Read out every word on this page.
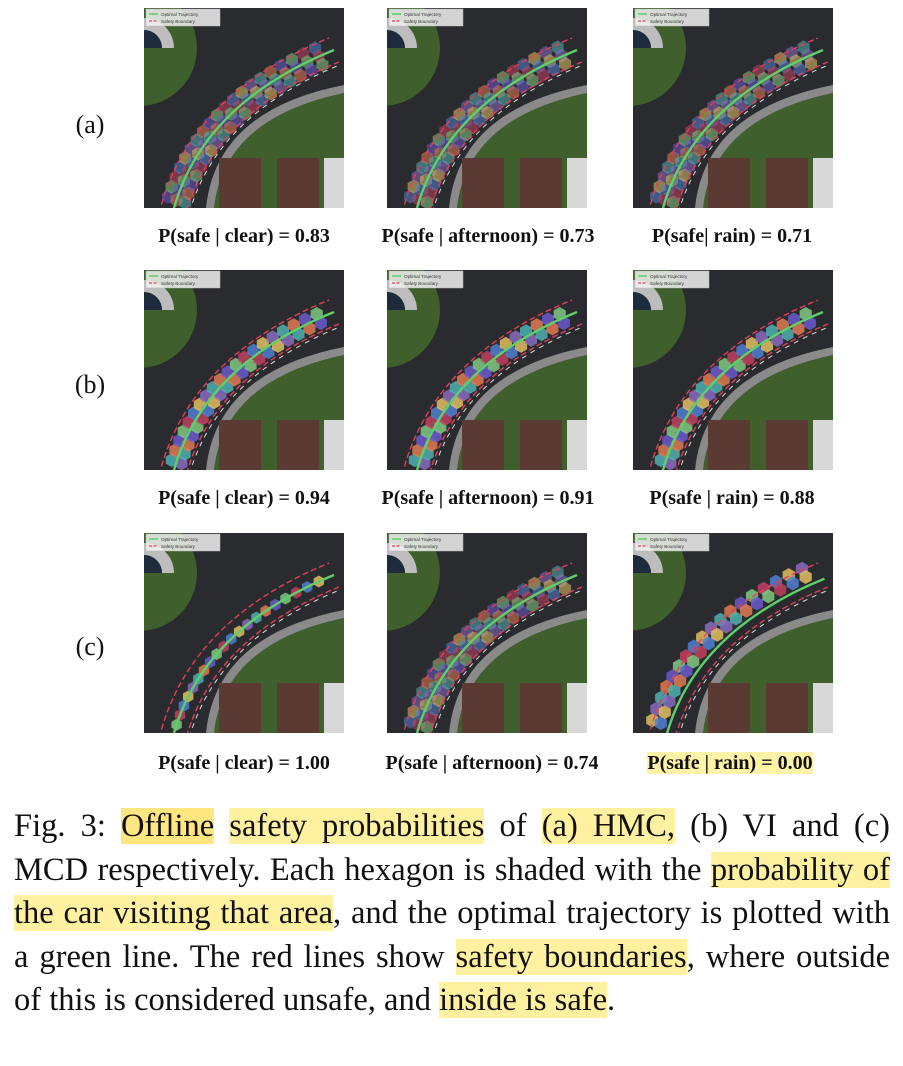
(a)
(b)
(c)
Optimal Trajectory
Safety Boundary
Optimal Trajectory
Safety Boundary
Optimal Trajectory
Safety Boundary
Optimal Trajectory
Safety Boundary
Optimal Trajectory
Safety Boundary
Optimal Trajectory
Safety Boundary
Optimal Trajectory
Safety Boundary
Optimal Trajectory
Safety Boundary
Optimal Trajectory
Safety Boundary
P(safe | clear) = 0.83	P(safe | afternoon) = 0.73	P(safe| rain) = 0.71
P(safe | clear) = 0.94	P(safe | afternoon) = 0.91	P(safe | rain) = 0.88
P(safe | clear) = 1.00	P(safe | afternoon) = 0.74	P(safe | rain) = 0.00
Fig. 3: Offline safety probabilities of (a) HMC, (b) VI and (c) MCD respectively. Each hexagon is shaded with the probability of the car visiting that area, and the optimal trajectory is plotted with a green line. The red lines show safety boundaries, where outside of this is considered unsafe, and inside is safe.
